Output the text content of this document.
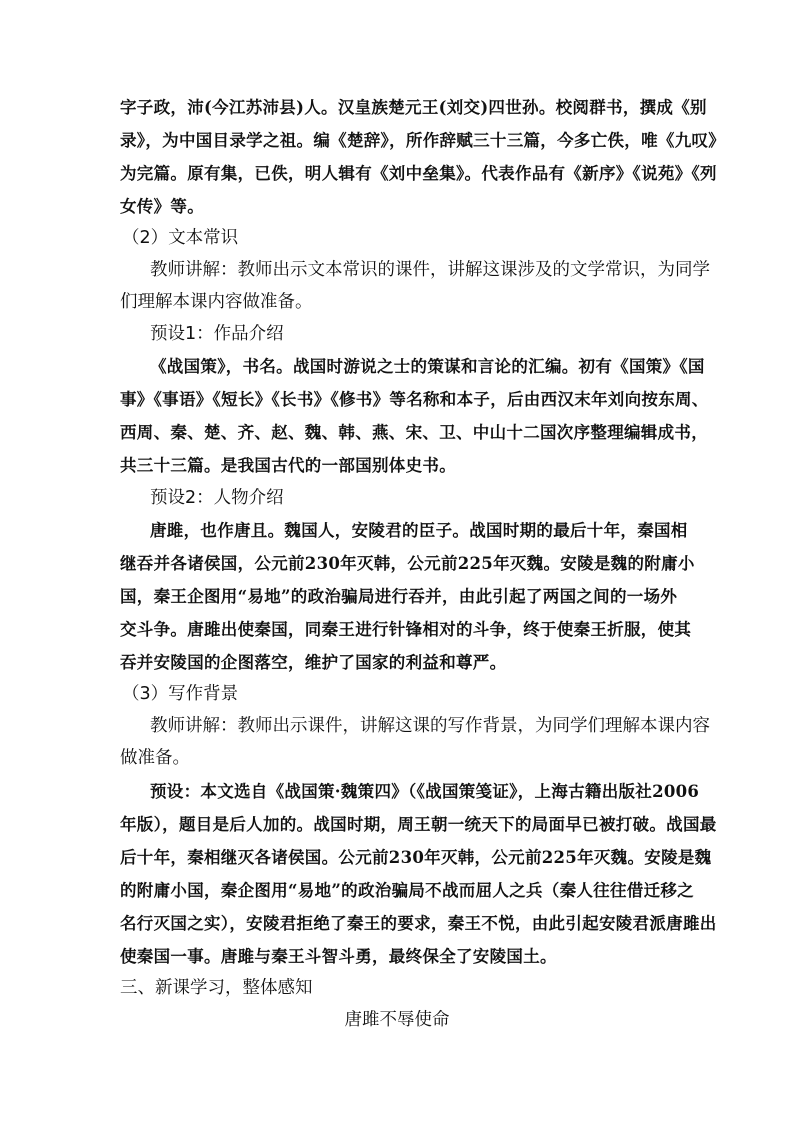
字子政，沛(今江苏沛县)人。汉皇族楚元王(刘交)四世孙。校阅群书，撰成《别
录》，为中国目录学之祖。编《楚辞》，所作辞赋三十三篇，今多亡佚，唯《九叹》
为完篇。原有集，已佚，明人辑有《刘中垒集》。代表作品有《新序》《说苑》《列
女传》等。
（2）文本常识
教师讲解：教师出示文本常识的课件，讲解这课涉及的文学常识，为同学
们理解本课内容做准备。
预设1：作品介绍
《战国策》，书名。战国时游说之士的策谋和言论的汇编。初有《国策》《国
事》《事语》《短长》《长书》《修书》等名称和本子，后由西汉末年刘向按东周、
西周、秦、楚、齐、赵、魏、韩、燕、宋、卫、中山十二国次序整理编辑成书，
共三十三篇。是我国古代的一部国别体史书。
预设2：人物介绍
唐雎，也作唐且。魏国人，安陵君的臣子。战国时期的最后十年，秦国相
继吞并各诸侯国，公元前230年灭韩，公元前225年灭魏。安陵是魏的附庸小
国，秦王企图用“易地”的政治骗局进行吞并，由此引起了两国之间的一场外
交斗争。唐雎出使秦国，同秦王进行针锋相对的斗争，终于使秦王折服，使其
吞并安陵国的企图落空，维护了国家的利益和尊严。
（3）写作背景
教师讲解：教师出示课件，讲解这课的写作背景，为同学们理解本课内容
做准备。
预设：本文选自《战国策·魏策四》（《战国策笺证》，上海古籍出版社2006
年版），题目是后人加的。战国时期，周王朝一统天下的局面早已被打破。战国最
后十年，秦相继灭各诸侯国。公元前230年灭韩，公元前225年灭魏。安陵是魏
的附庸小国，秦企图用“易地”的政治骗局不战而屈人之兵（秦人往往借迁移之
名行灭国之实），安陵君拒绝了秦王的要求，秦王不悦，由此引起安陵君派唐雎出
使秦国一事。唐雎与秦王斗智斗勇，最终保全了安陵国土。
三、新课学习，整体感知
唐雎不辱使命
